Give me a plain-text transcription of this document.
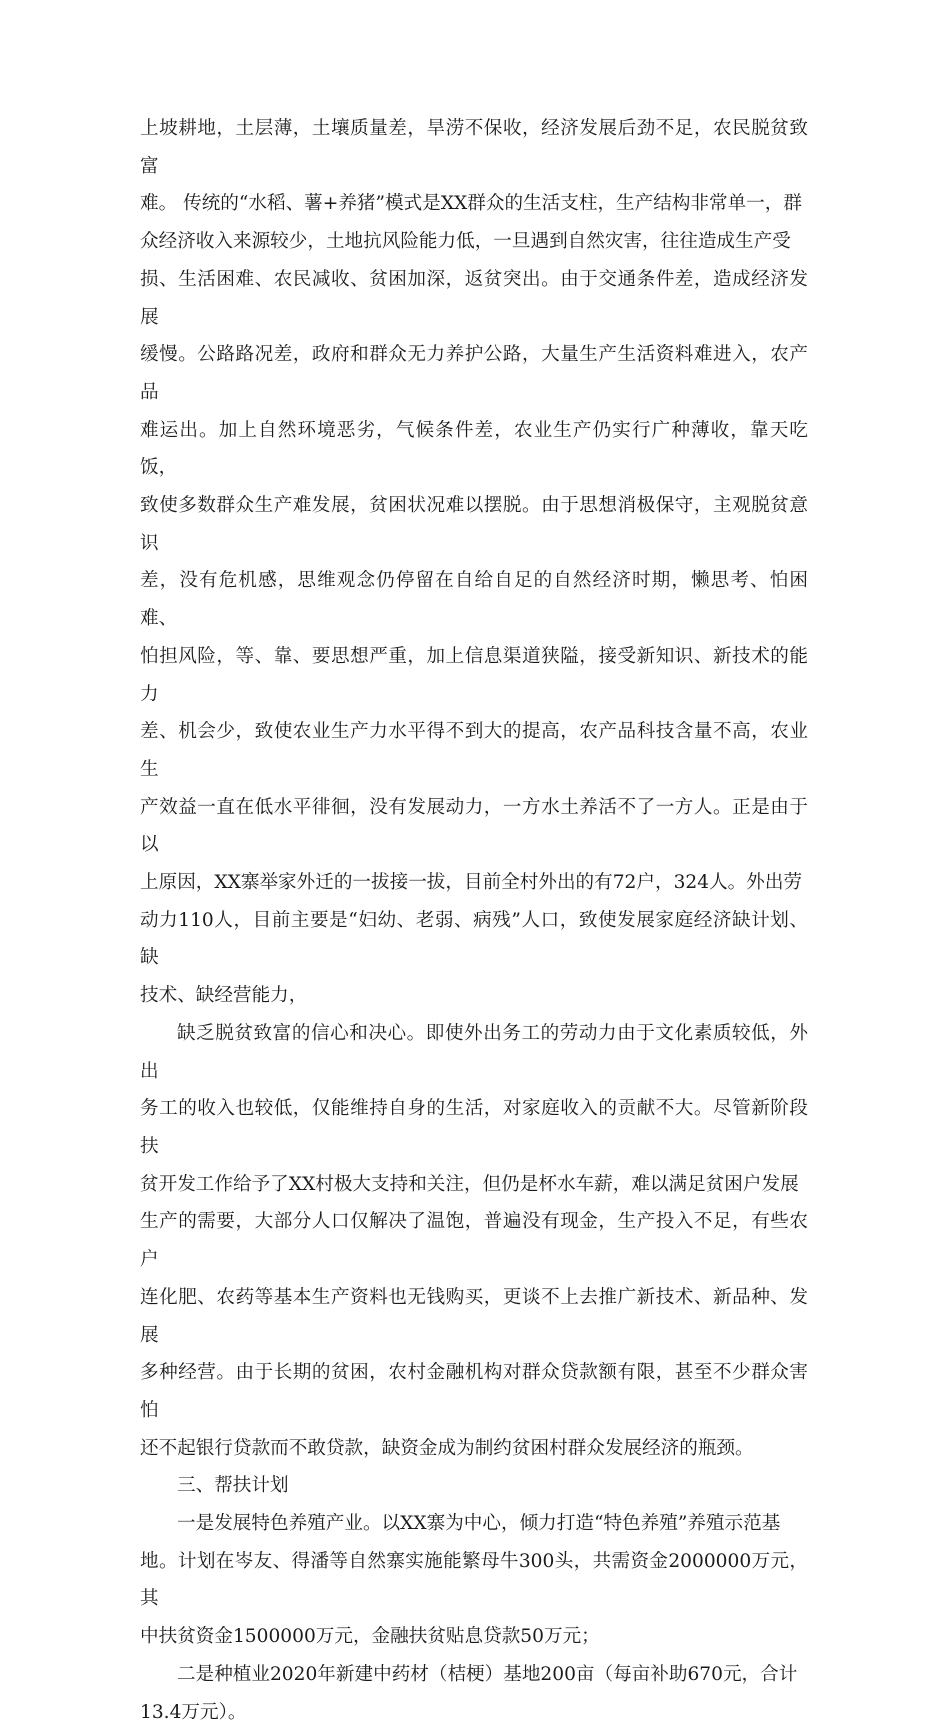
上坡耕地，土层薄，土壤质量差，旱涝不保收，经济发展后劲不足，农民脱贫致富
难。 传统的“水稻、薯+养猪”模式是XX群众的生活支柱，生产结构非常单一，群
众经济收入来源较少，土地抗风险能力低，一旦遇到自然灾害，往往造成生产受
损、生活困难、农民减收、贫困加深，返贫突出。由于交通条件差，造成经济发展
缓慢。公路路况差，政府和群众无力养护公路，大量生产生活资料难进入，农产品
难运出。加上自然环境恶劣，气候条件差，农业生产仍实行广种薄收，靠天吃饭，
致使多数群众生产难发展，贫困状况难以摆脱。由于思想消极保守，主观脱贫意识
差，没有危机感，思维观念仍停留在自给自足的自然经济时期，懒思考、怕困难、
怕担风险，等、靠、要思想严重，加上信息渠道狭隘，接受新知识、新技术的能力
差、机会少，致使农业生产力水平得不到大的提高，农产品科技含量不高，农业生
产效益一直在低水平徘徊，没有发展动力，一方水土养活不了一方人。正是由于以
上原因，XX寨举家外迁的一拔接一拔，目前全村外出的有72户，324人。外出劳
动力110人，目前主要是“妇幼、老弱、病残”人口，致使发展家庭经济缺计划、缺
技术、缺经营能力，

缺乏脱贫致富的信心和决心。即使外出务工的劳动力由于文化素质较低，外出
务工的收入也较低，仅能维持自身的生活，对家庭收入的贡献不大。尽管新阶段扶
贫开发工作给予了XX村极大支持和关注，但仍是杯水车薪，难以满足贫困户发展
生产的需要，大部分人口仅解决了温饱，普遍没有现金，生产投入不足，有些农户
连化肥、农药等基本生产资料也无钱购买，更谈不上去推广新技术、新品种、发展
多种经营。由于长期的贫困，农村金融机构对群众贷款额有限，甚至不少群众害怕
还不起银行贷款而不敢贷款，缺资金成为制约贫困村群众发展经济的瓶颈。

三、帮扶计划

一是发展特色养殖产业。以XX寨为中心，倾力打造“特色养殖”养殖示范基
地。计划在岑友、得潘等自然寨实施能繁母牛300头，共需资金2000000万元，其
中扶贫资金1500000万元，金融扶贫贴息贷款50万元；

二是种植业2020年新建中药材（桔梗）基地200亩（每亩补助670元，合计
13.4万元）。
